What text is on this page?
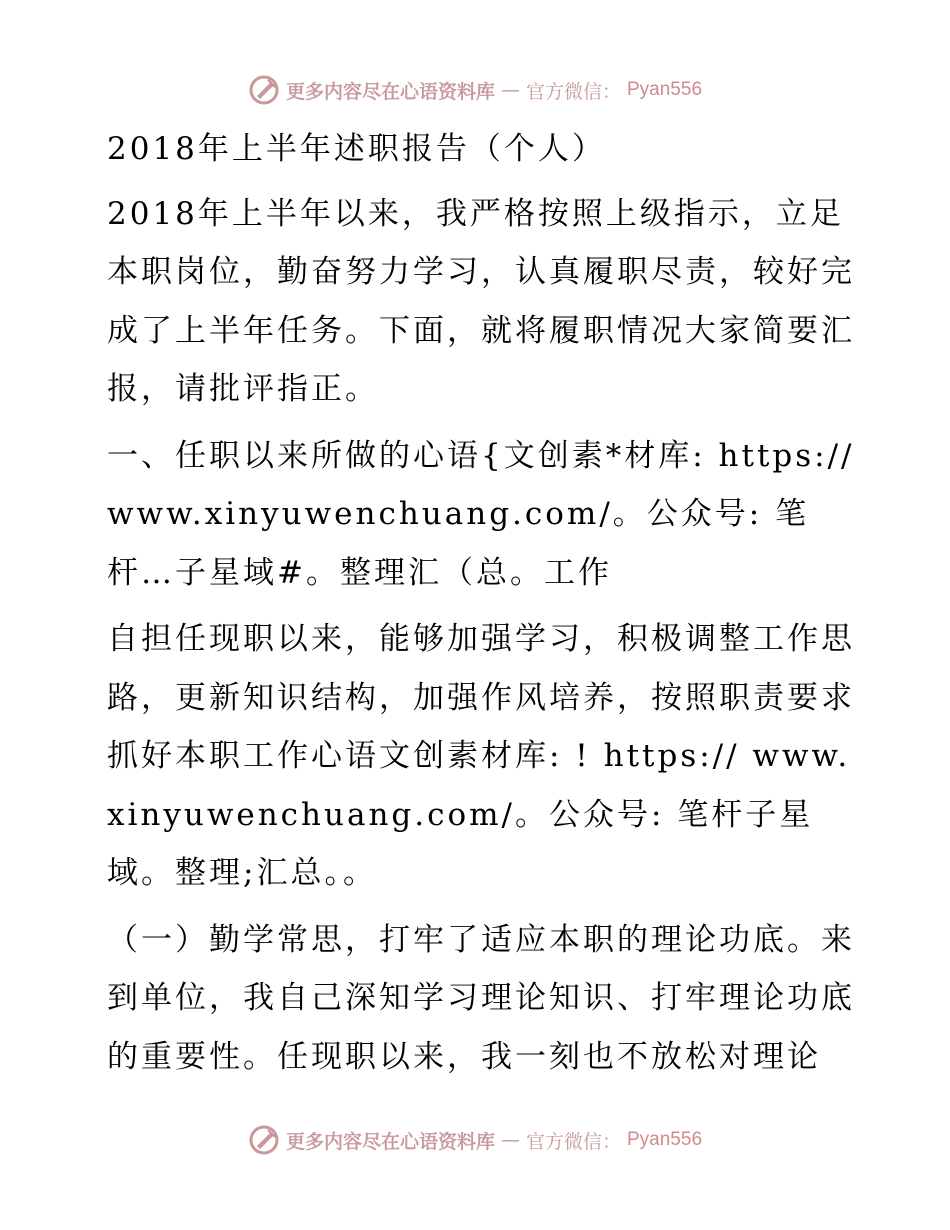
更多内容尽在心语资料库 — 官方微信： Pyan556

2018年上半年述职报告（个人）

2018年上半年以来，我严格按照上级指示，立足本职岗位，勤奋努力学习，认真履职尽责，较好完成了上半年任务。下面，就将履职情况大家简要汇报，请批评指正。

一、任职以来所做的心语{文创素*材库: https://www.xinyuwenchuang.com/。公众号: 笔杆…子星域#。整理汇（总。工作

自担任现职以来，能够加强学习，积极调整工作思路，更新知识结构，加强作风培养，按照职责要求抓好本职工作心语文创素材库: ! https:// www.xinyuwenchuang.com/。公众号: 笔杆子星域。整理;汇总。。

（一）勤学常思，打牢了适应本职的理论功底。来到单位，我自己深知学习理论知识、打牢理论功底的重要性。任现职以来，我一刻也不放松对理论

更多内容尽在心语资料库 — 官方微信： Pyan556
